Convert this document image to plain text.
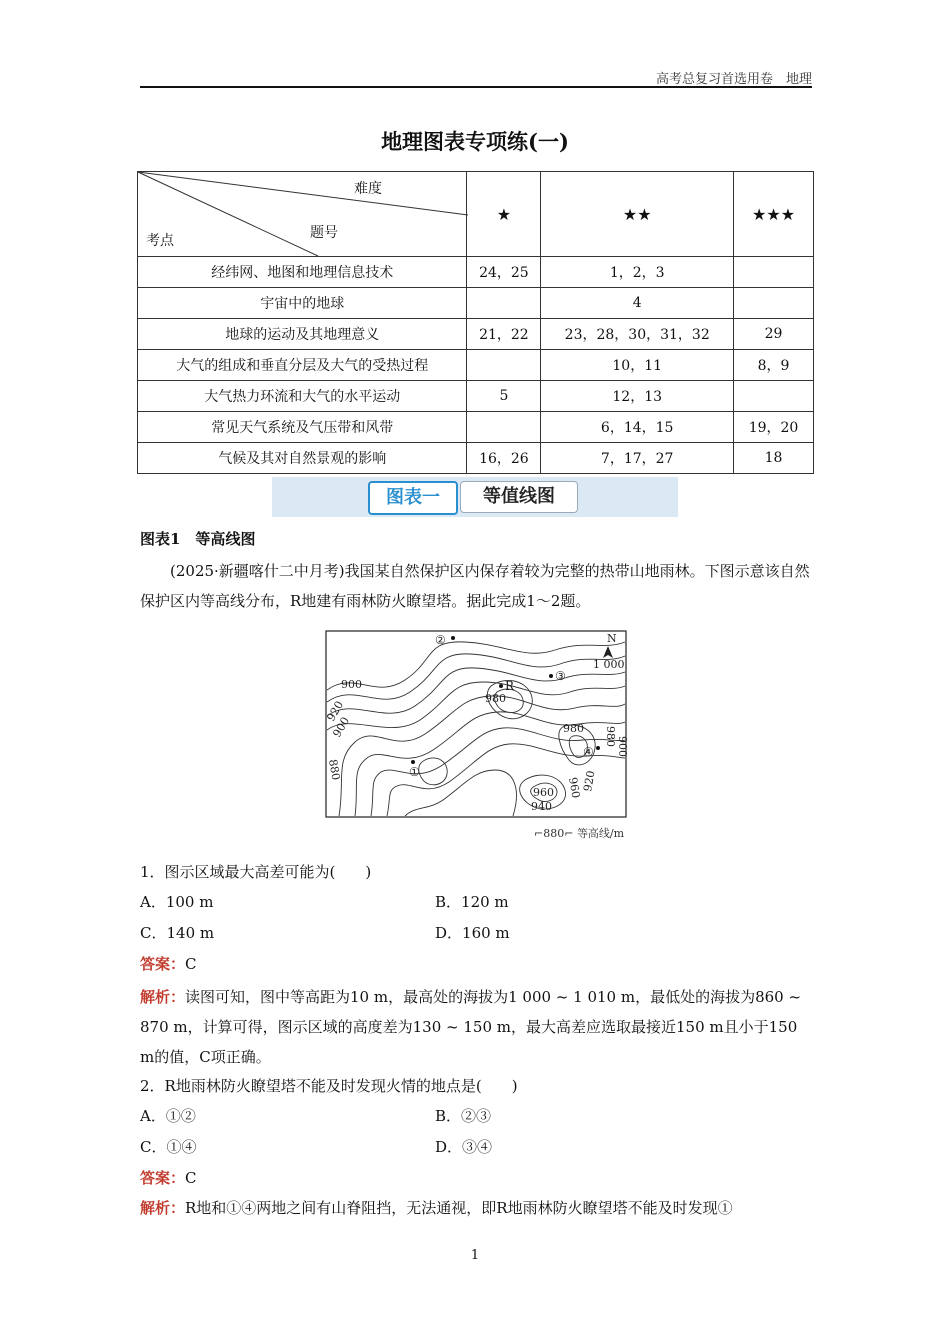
高考总复习首选用卷　地理
地理图表专项练(一)
难度
题号
考点	★	★★	★★★
经纬网、地图和地理信息技术	24，25	1，2，3	
宇宙中的地球		4	
地球的运动及其地理意义	21，22	23，28，30，31，32	29
大气的组成和垂直分层及大气的受热过程		10，11	8，9
大气热力环流和大气的水平运动	5	12，13	
常见天气系统及气压带和风带		6，14，15	19，20
气候及其对自然景观的影响	16，26	7，17，27	18
图表一	等值线图
图表1　等高线图
(2025·新疆喀什二中月考)我国某自然保护区内保存着较为完整的热带山地雨林。下图示意该自然保护区内等高线分布，R地建有雨林防火瞭望塔。据此完成1～2题。
N
1 000
900
980
980 980
920
900
880
960 960
940
920
900
②
R
③
④
①
⌐880⌐ 等高线/m
1．图示区域最大高差可能为(　　)
A．100 m	B．120 m
C．140 m	D．160 m
答案：C
解析：读图可知，图中等高距为10 m，最高处的海拔为1 000 ~ 1 010 m，最低处的海拔为860 ~ 870 m，计算可得，图示区域的高度差为130 ~ 150 m，最大高差应选取最接近150 m且小于150 m的值，C项正确。
2．R地雨林防火瞭望塔不能及时发现火情的地点是(　　)
A．①②	B．②③
C．①④	D．③④
答案：C
解析：R地和①④两地之间有山脊阻挡，无法通视，即R地雨林防火瞭望塔不能及时发现①
1
